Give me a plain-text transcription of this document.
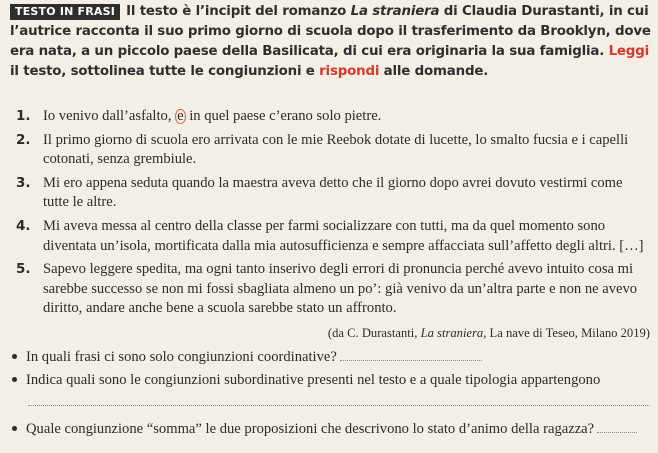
TESTO IN FRASI Il testo è l’incipit del romanzo La straniera di Claudia Durastanti, in cui l’autrice racconta il suo primo giorno di scuola dopo il trasferimento da Brooklyn, dove era nata, a un piccolo paese della Basilicata, di cui era originaria la sua famiglia. Leggi il testo, sottolinea tutte le congiunzioni e rispondi alle domande.
1. Io venivo dall’asfalto, e in quel paese c’erano solo pietre.
2. Il primo giorno di scuola ero arrivata con le mie Reebok dotate di lucette, lo smalto fucsia e i capelli cotonati, senza grembiule.
3. Mi ero appena seduta quando la maestra aveva detto che il giorno dopo avrei dovuto vestirmi come tutte le altre.
4. Mi aveva messa al centro della classe per farmi socializzare con tutti, ma da quel momento sono diventata un’isola, mortificata dalla mia autosufficienza e sempre affacciata sull’affetto degli altri. […]
5. Sapevo leggere spedita, ma ogni tanto inserivo degli errori di pronuncia perché avevo intuito cosa mi sarebbe successo se non mi fossi sbagliata almeno un po’: già venivo da un’altra parte e non ne avevo diritto, andare anche bene a scuola sarebbe stato un affronto.
(da C. Durastanti, La straniera, La nave di Teseo, Milano 2019)
In quali frasi ci sono solo congiunzioni coordinative?
Indica quali sono le congiunzioni subordinative presenti nel testo e a quale tipologia appartengono
Quale congiunzione “somma” le due proposizioni che descrivono lo stato d’animo della ragazza?
